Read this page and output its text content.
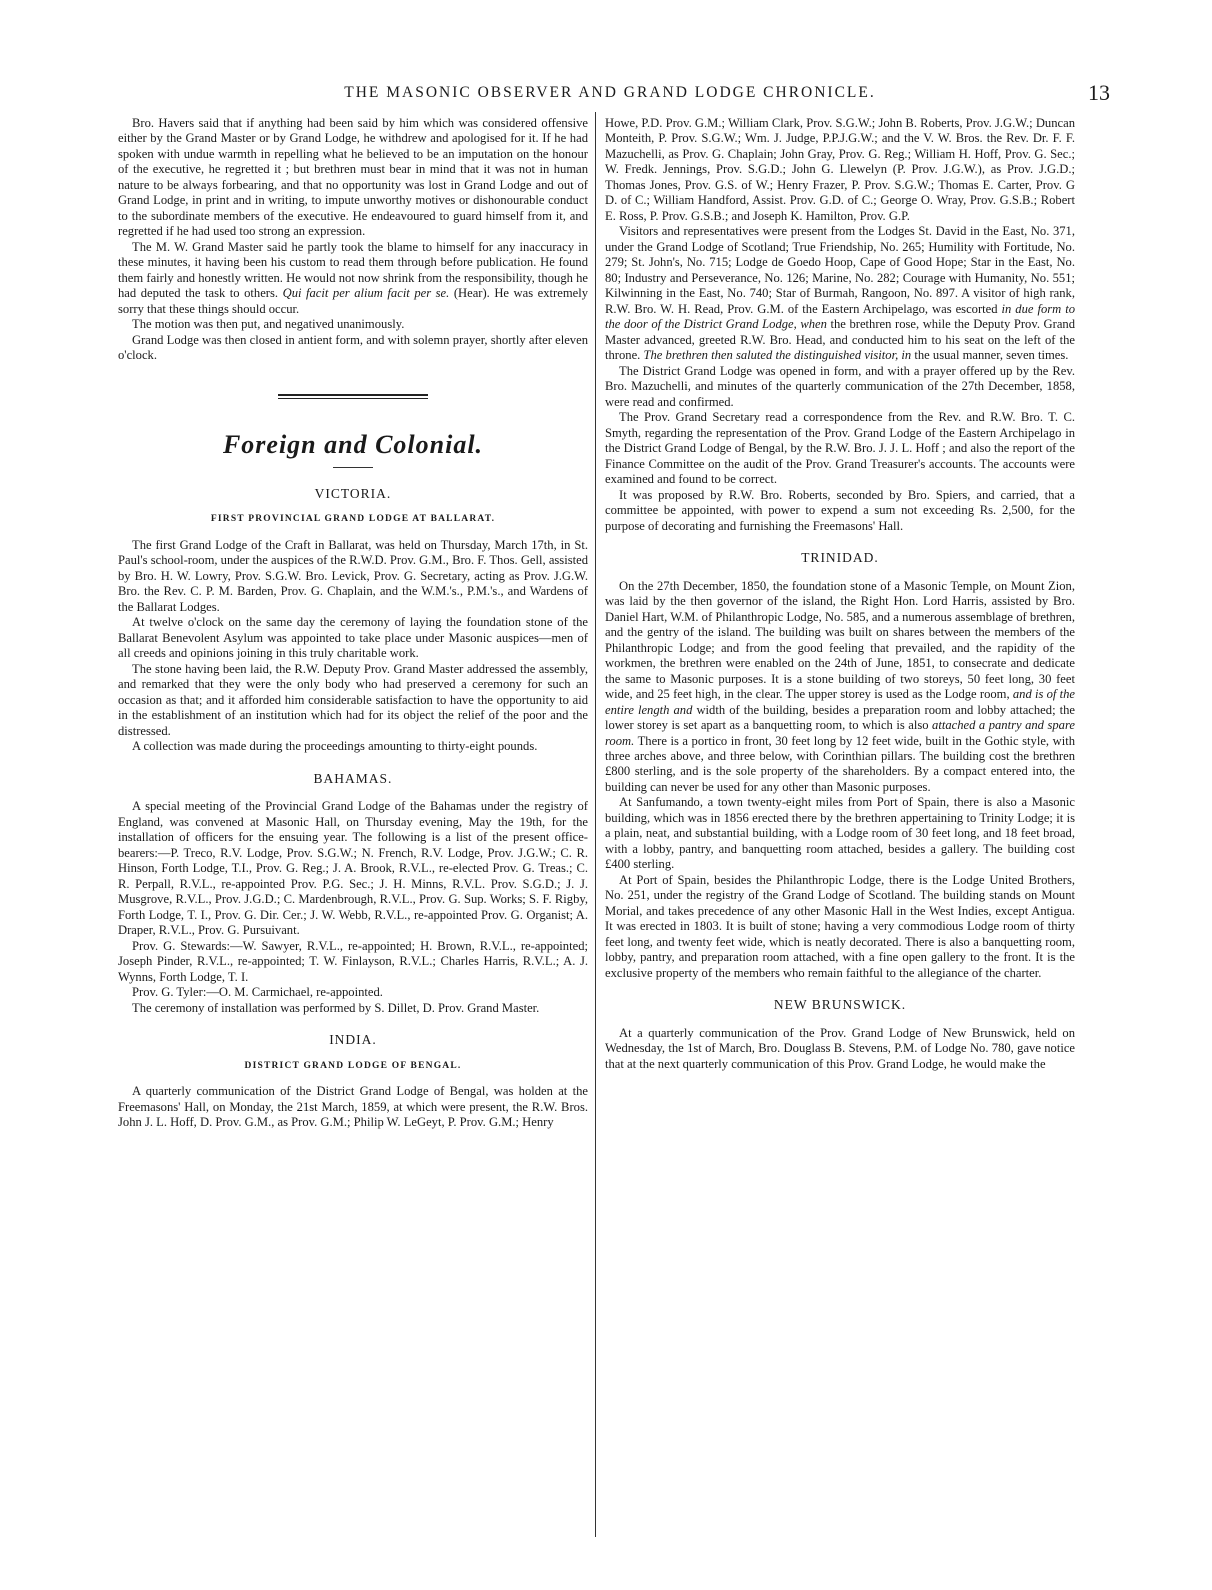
THE MASONIC OBSERVER AND GRAND LODGE CHRONICLE.	13

Bro. Havers said that if anything had been said by him which was considered offensive either by the Grand Master or by Grand Lodge, he withdrew and apologised for it. If he had spoken with undue warmth in repelling what he believed to be an imputation on the honour of the executive, he regretted it ; but brethren must bear in mind that it was not in human nature to be always forbearing, and that no opportunity was lost in Grand Lodge and out of Grand Lodge, in print and in writing, to impute unworthy motives or dishonourable conduct to the subordinate members of the executive. He endeavoured to guard himself from it, and regretted if he had used too strong an expression.

The M. W. Grand Master said he partly took the blame to himself for any inaccuracy in these minutes, it having been his custom to read them through before publication. He found them fairly and honestly written. He would not now shrink from the responsibility, though he had deputed the task to others. Qui facit per alium facit per se. (Hear). He was extremely sorry that these things should occur.

The motion was then put, and negatived unanimously.

Grand Lodge was then closed in antient form, and with solemn prayer, shortly after eleven o'clock.

Foreign and Colonial.
VICTORIA.
FIRST PROVINCIAL GRAND LODGE AT BALLARAT.

The first Grand Lodge of the Craft in Ballarat, was held on Thursday, March 17th, in St. Paul's school-room, under the auspices of the R.W.D. Prov. G.M., Bro. F. Thos. Gell, assisted by Bro. H. W. Lowry, Prov. S.G.W. Bro. Levick, Prov. G. Secretary, acting as Prov. J.G.W. Bro. the Rev. C. P. M. Barden, Prov. G. Chaplain, and the W.M.'s., P.M.'s., and Wardens of the Ballarat Lodges.

At twelve o'clock on the same day the ceremony of laying the foundation stone of the Ballarat Benevolent Asylum was appointed to take place under Masonic auspices—men of all creeds and opinions joining in this truly charitable work.

The stone having been laid, the R.W. Deputy Prov. Grand Master addressed the assembly, and remarked that they were the only body who had preserved a ceremony for such an occasion as that; and it afforded him considerable satisfaction to have the opportunity to aid in the establishment of an institution which had for its object the relief of the poor and the distressed.

A collection was made during the proceedings amounting to thirty-eight pounds.

BAHAMAS.

A special meeting of the Provincial Grand Lodge of the Bahamas under the registry of England, was convened at Masonic Hall, on Thursday evening, May the 19th, for the installation of officers for the ensuing year. The following is a list of the present office-bearers:—P. Treco, R.V. Lodge, Prov. S.G.W.; N. French, R.V. Lodge, Prov. J.G.W.; C. R. Hinson, Forth Lodge, T.I., Prov. G. Reg.; J. A. Brook, R.V.L., re-elected Prov. G. Treas.; C. R. Perpall, R.V.L., re-appointed Prov. P.G. Sec.; J. H. Minns, R.V.L. Prov. S.G.D.; J. J. Musgrove, R.V.L., Prov. J.G.D.; C. Mardenbrough, R.V.L., Prov. G. Sup. Works; S. F. Rigby, Forth Lodge, T. I., Prov. G. Dir. Cer.; J. W. Webb, R.V.L., re-appointed Prov. G. Organist; A. Draper, R.V.L., Prov. G. Pursuivant.

Prov. G. Stewards:—W. Sawyer, R.V.L., re-appointed; H. Brown, R.V.L., re-appointed; Joseph Pinder, R.V.L., re-appointed; T. W. Finlayson, R.V.L.; Charles Harris, R.V.L.; A. J. Wynns, Forth Lodge, T. I.

Prov. G. Tyler:—O. M. Carmichael, re-appointed.

The ceremony of installation was performed by S. Dillet, D. Prov. Grand Master.

INDIA.
DISTRICT GRAND LODGE OF BENGAL.

A quarterly communication of the District Grand Lodge of Bengal, was holden at the Freemasons' Hall, on Monday, the 21st March, 1859, at which were present, the R.W. Bros. John J. L. Hoff, D. Prov. G.M., as Prov. G.M.; Philip W. LeGeyt, P. Prov. G.M.; Henry

Howe, P.D. Prov. G.M.; William Clark, Prov. S.G.W.; John B. Roberts, Prov. J.G.W.; Duncan Monteith, P. Prov. S.G.W.; Wm. J. Judge, P.P.J.G.W.; and the V. W. Bros. the Rev. Dr. F. F. Mazuchelli, as Prov. G. Chaplain; John Gray, Prov. G. Reg.; William H. Hoff, Prov. G. Sec.; W. Fredk. Jennings, Prov. S.G.D.; John G. Llewelyn (P. Prov. J.G.W.), as Prov. J.G.D.; Thomas Jones, Prov. G.S. of W.; Henry Frazer, P. Prov. S.G.W.; Thomas E. Carter, Prov. G D. of C.; William Handford, Assist. Prov. G.D. of C.; George O. Wray, Prov. G.S.B.; Robert E. Ross, P. Prov. G.S.B.; and Joseph K. Hamilton, Prov. G.P.

Visitors and representatives were present from the Lodges St. David in the East, No. 371, under the Grand Lodge of Scotland; True Friendship, No. 265; Humility with Fortitude, No. 279; St. John's, No. 715; Lodge de Goedo Hoop, Cape of Good Hope; Star in the East, No. 80; Industry and Perseverance, No. 126; Marine, No. 282; Courage with Humanity, No. 551; Kilwinning in the East, No. 740; Star of Burmah, Rangoon, No. 897. A visitor of high rank, R.W. Bro. W. H. Read, Prov. G.M. of the Eastern Archipelago, was escorted in due form to the door of the District Grand Lodge, when the brethren rose, while the Deputy Prov. Grand Master advanced, greeted R.W. Bro. Head, and conducted him to his seat on the left of the throne. The brethren then saluted the distinguished visitor, in the usual manner, seven times.

The District Grand Lodge was opened in form, and with a prayer offered up by the Rev. Bro. Mazuchelli, and minutes of the quarterly communication of the 27th December, 1858, were read and confirmed.

The Prov. Grand Secretary read a correspondence from the Rev. and R.W. Bro. T. C. Smyth, regarding the representation of the Prov. Grand Lodge of the Eastern Archipelago in the District Grand Lodge of Bengal, by the R.W. Bro. J. J. L. Hoff ; and also the report of the Finance Committee on the audit of the Prov. Grand Treasurer's accounts. The accounts were examined and found to be correct.

It was proposed by R.W. Bro. Roberts, seconded by Bro. Spiers, and carried, that a committee be appointed, with power to expend a sum not exceeding Rs. 2,500, for the purpose of decorating and furnishing the Freemasons' Hall.

TRINIDAD.

On the 27th December, 1850, the foundation stone of a Masonic Temple, on Mount Zion, was laid by the then governor of the island, the Right Hon. Lord Harris, assisted by Bro. Daniel Hart, W.M. of Philanthropic Lodge, No. 585, and a numerous assemblage of brethren, and the gentry of the island. The building was built on shares between the members of the Philanthropic Lodge; and from the good feeling that prevailed, and the rapidity of the workmen, the brethren were enabled on the 24th of June, 1851, to consecrate and dedicate the same to Masonic purposes. It is a stone building of two storeys, 50 feet long, 30 feet wide, and 25 feet high, in the clear. The upper storey is used as the Lodge room, and is of the entire length and width of the building, besides a preparation room and lobby attached; the lower storey is set apart as a banquetting room, to which is also attached a pantry and spare room. There is a portico in front, 30 feet long by 12 feet wide, built in the Gothic style, with three arches above, and three below, with Corinthian pillars. The building cost the brethren £800 sterling, and is the sole property of the shareholders. By a compact entered into, the building can never be used for any other than Masonic purposes.

At Sanfumando, a town twenty-eight miles from Port of Spain, there is also a Masonic building, which was in 1856 erected there by the brethren appertaining to Trinity Lodge; it is a plain, neat, and substantial building, with a Lodge room of 30 feet long, and 18 feet broad, with a lobby, pantry, and banquetting room attached, besides a gallery. The building cost £400 sterling.

At Port of Spain, besides the Philanthropic Lodge, there is the Lodge United Brothers, No. 251, under the registry of the Grand Lodge of Scotland. The building stands on Mount Morial, and takes precedence of any other Masonic Hall in the West Indies, except Antigua. It was erected in 1803. It is built of stone; having a very commodious Lodge room of thirty feet long, and twenty feet wide, which is neatly decorated. There is also a banquetting room, lobby, pantry, and preparation room attached, with a fine open gallery to the front. It is the exclusive property of the members who remain faithful to the allegiance of the charter.

NEW BRUNSWICK.

At a quarterly communication of the Prov. Grand Lodge of New Brunswick, held on Wednesday, the 1st of March, Bro. Douglass B. Stevens, P.M. of Lodge No. 780, gave notice that at the next quarterly communication of this Prov. Grand Lodge, he would make the
